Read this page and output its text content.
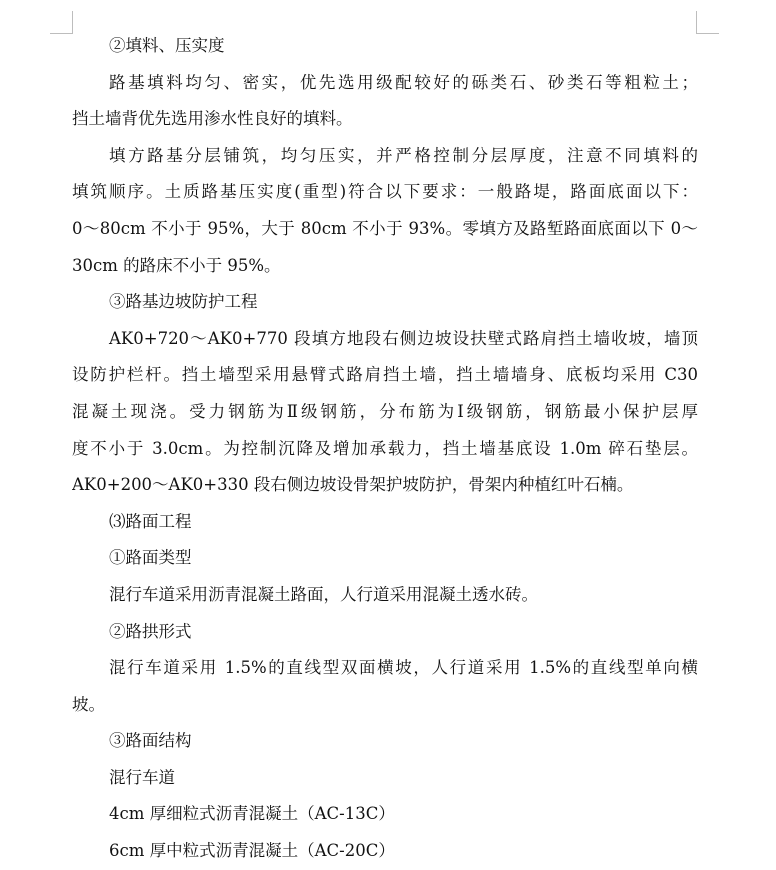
②填料、压实度
路基填料均匀、密实，优先选用级配较好的砾类石、砂类石等粗粒土；
挡土墙背优先选用渗水性良好的填料。
填方路基分层铺筑，均匀压实，并严格控制分层厚度，注意不同填料的
填筑顺序。土质路基压实度(重型)符合以下要求：一般路堤，路面底面以下：
0～80cm 不小于 95%，大于 80cm 不小于 93%。零填方及路堑路面底面以下 0～
30cm 的路床不小于 95%。
③路基边坡防护工程
AK0+720～AK0+770 段填方地段右侧边坡设扶壁式路肩挡土墙收坡，墙顶
设防护栏杆。挡土墙型采用悬臂式路肩挡土墙，挡土墙墙身、底板均采用 C30
混凝土现浇。受力钢筋为Ⅱ级钢筋，分布筋为Ⅰ级钢筋，钢筋最小保护层厚
度不小于 3.0cm。为控制沉降及增加承载力，挡土墙基底设 1.0m 碎石垫层。
AK0+200～AK0+330 段右侧边坡设骨架护坡防护，骨架内种植红叶石楠。
⑶路面工程
①路面类型
混行车道采用沥青混凝土路面，人行道采用混凝土透水砖。
②路拱形式
混行车道采用 1.5%的直线型双面横坡，人行道采用 1.5%的直线型单向横
坡。
③路面结构
混行车道
4cm 厚细粒式沥青混凝土（AC-13C）
6cm 厚中粒式沥青混凝土（AC-20C）
